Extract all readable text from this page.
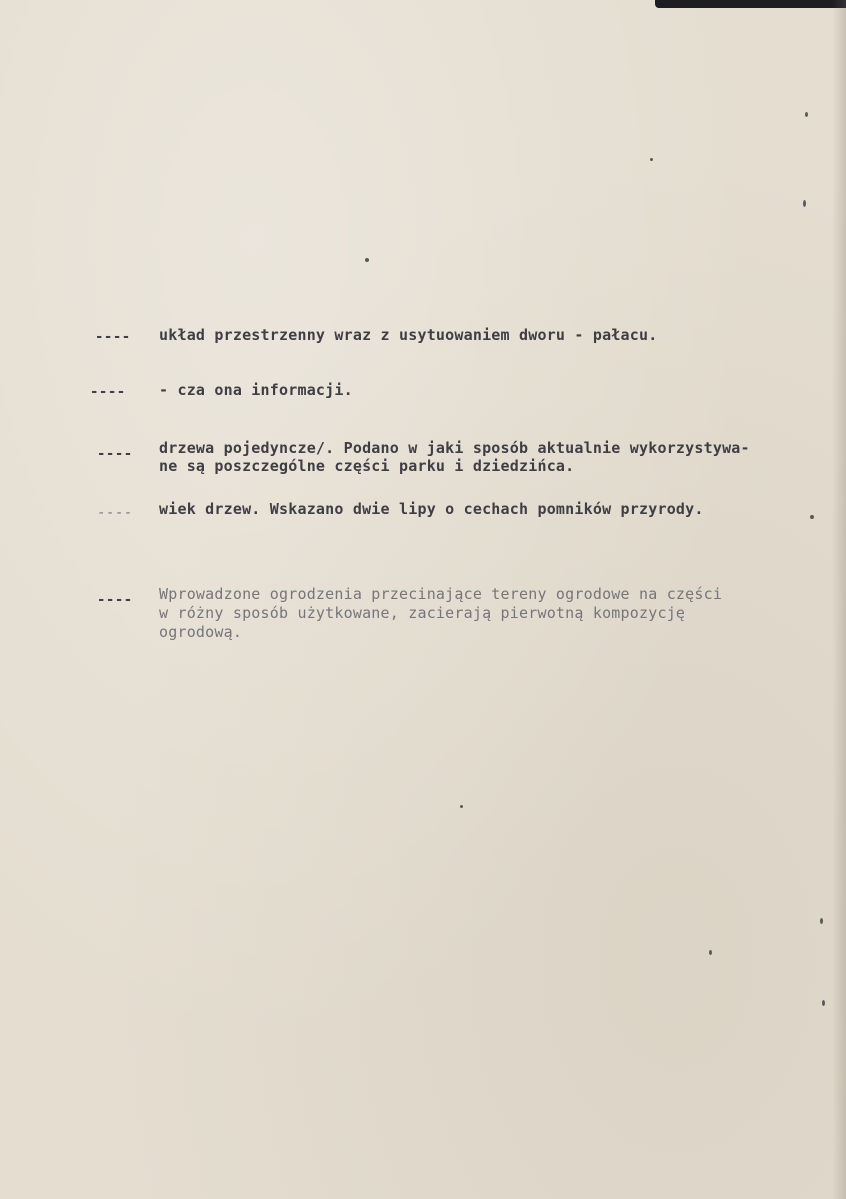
---- układ przestrzenny wraz z usytuowaniem dworu - pałacu.
---- - cza ona informacji.
---- drzewa pojedyncze/. Podano w jaki sposób aktualnie wykorzystywa-
ne są poszczególne części parku i dziedzińca.
---- wiek drzew. Wskazano dwie lipy o cechach pomników przyrody.
---- Wprowadzone ogrodzenia przecinające tereny ogrodowe na części
w różny sposób użytkowane, zacierają pierwotną kompozycję
ogrodową.
